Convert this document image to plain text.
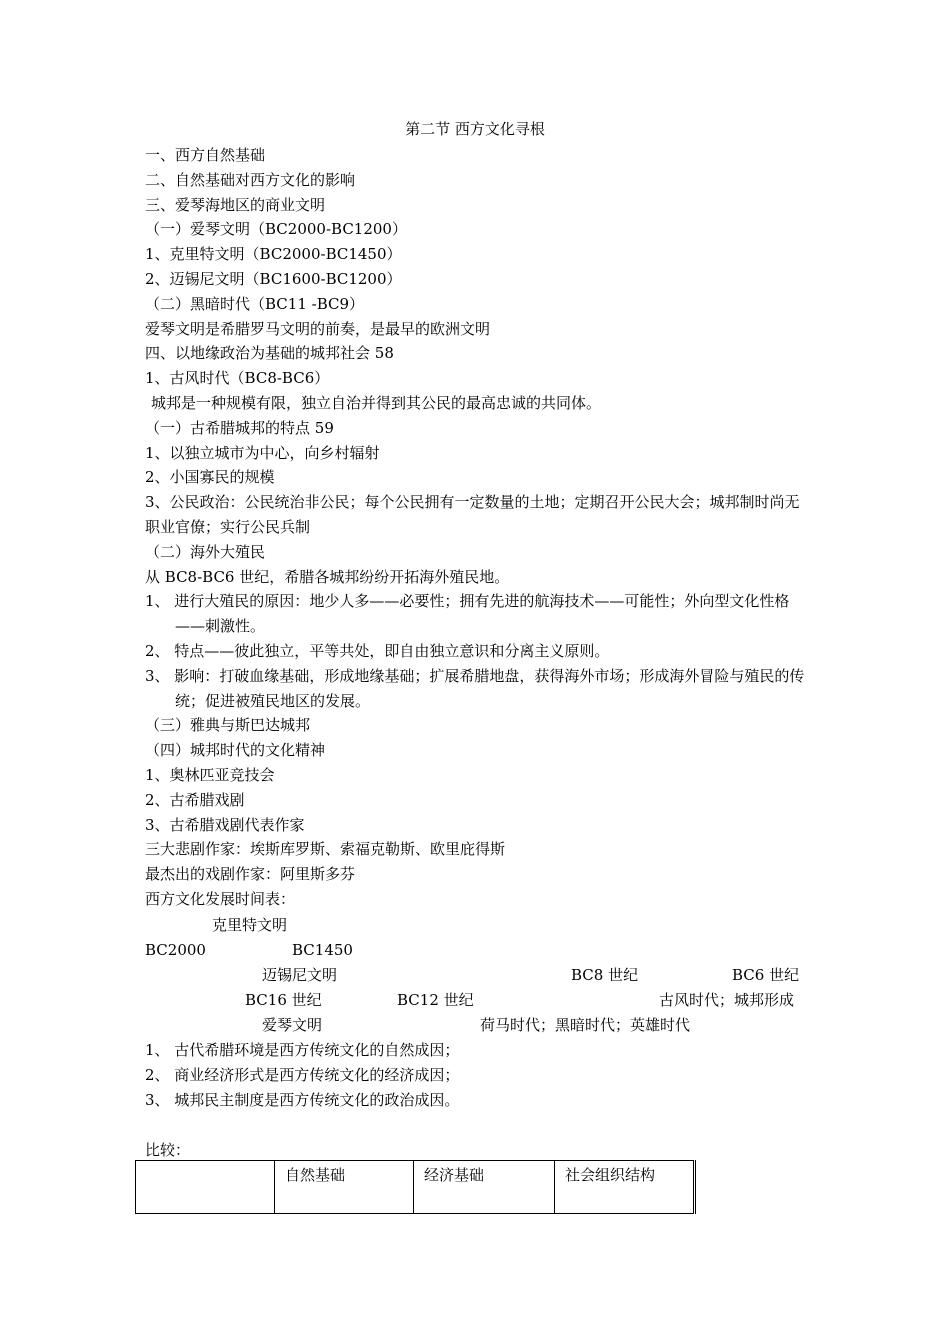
第二节 西方文化寻根
一、西方自然基础
二、自然基础对西方文化的影响
三、爱琴海地区的商业文明
（一）爱琴文明（BC2000-BC1200）
1、克里特文明（BC2000-BC1450）
2、迈锡尼文明（BC1600-BC1200）
（二）黑暗时代（BC11 -BC9）
爱琴文明是希腊罗马文明的前奏，是最早的欧洲文明
四、以地缘政治为基础的城邦社会 58
1、古风时代（BC8-BC6）
城邦是一种规模有限，独立自治并得到其公民的最高忠诚的共同体。
（一）古希腊城邦的特点 59
1、以独立城市为中心，向乡村辐射
2、小国寡民的规模
3、公民政治：公民统治非公民；每个公民拥有一定数量的土地；定期召开公民大会；城邦制时尚无职业官僚；实行公民兵制
（二）海外大殖民
从 BC8-BC6 世纪，希腊各城邦纷纷开拓海外殖民地。
1、 进行大殖民的原因：地少人多——必要性；拥有先进的航海技术——可能性；外向型文化性格——刺激性。
2、 特点——彼此独立，平等共处，即自由独立意识和分离主义原则。
3、 影响：打破血缘基础，形成地缘基础；扩展希腊地盘，获得海外市场；形成海外冒险与殖民的传统；促进被殖民地区的发展。
（三）雅典与斯巴达城邦
（四）城邦时代的文化精神
1、奥林匹亚竞技会
2、古希腊戏剧
3、古希腊戏剧代表作家
三大悲剧作家：埃斯库罗斯、索福克勒斯、欧里庇得斯
最杰出的戏剧作家：阿里斯多芬
西方文化发展时间表：
克里特文明
BC2000	BC1450
迈锡尼文明	BC8 世纪	BC6 世纪
BC16 世纪	BC12 世纪	古风时代；城邦形成
爱琴文明	荷马时代；黑暗时代；英雄时代
1、 古代希腊环境是西方传统文化的自然成因；
2、 商业经济形式是西方传统文化的经济成因；
3、 城邦民主制度是西方传统文化的政治成因。
比较：
	自然基础	经济基础	社会组织结构
